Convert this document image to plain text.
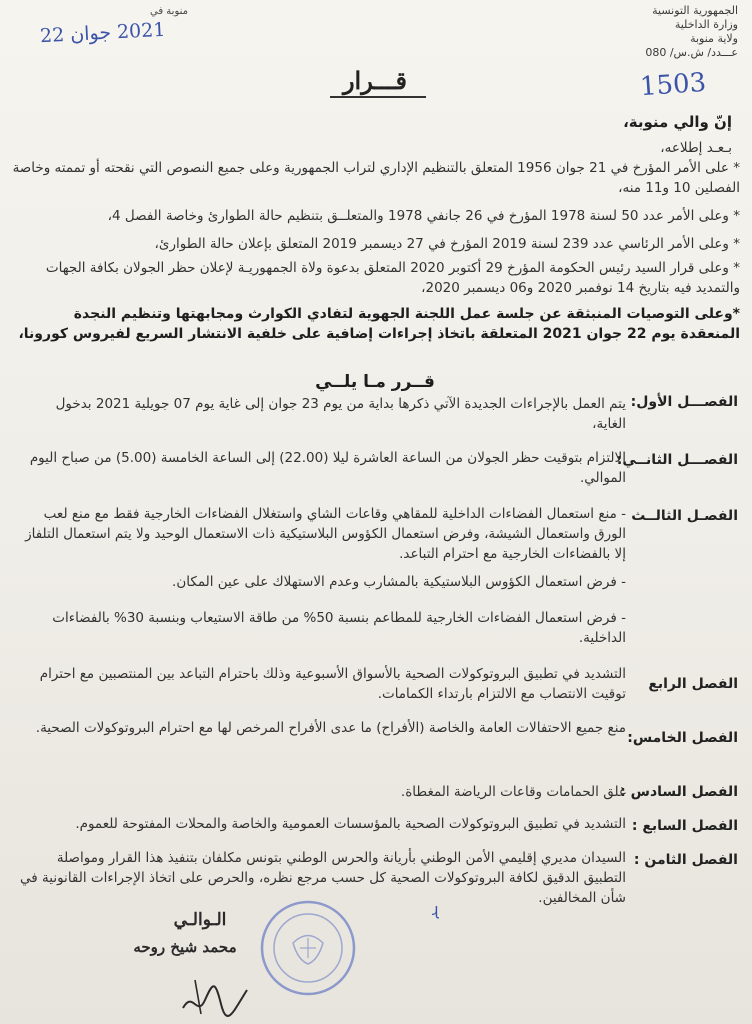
الجمهورية التونسية
وزارة الداخلية
ولاية منوبة
عـــدد/ ش.س/ 080
منوبة في
2021 جوان 22
1503
قـــرار
إنّ والي منوبة،
بـعـد إطلاعه،
* على الأمر المؤرخ في 21 جوان 1956 المتعلق بالتنظيم الإداري لتراب الجمهورية وعلى جميع النصوص التي نقحته أو تممته وخاصة الفصلين 10 و11 منه،
* وعلى الأمر عدد 50 لسنة 1978 المؤرخ في 26 جانفي 1978 والمتعلــق بتنظيم حالة الطوارئ وخاصة الفصل 4،
* وعلى الأمر الرئاسي عدد 239 لسنة 2019 المؤرخ في 27 ديسمبر 2019 المتعلق بإعلان حالة الطوارئ،
* وعلى قرار السيد رئيس الحكومة المؤرخ 29 أكتوبر 2020 المتعلق بدعوة ولاة الجمهوريـة لإعلان حظر الجولان بكافة الجهات والتمديد فيه بتاريخ 14 نوفمبر 2020 و06 ديسمبر 2020،
*وعلى التوصيات المنبثقة عن جلسة عمل اللجنة الجهوية لتفادي الكوارث ومجابهتها وتنظيم النجدة المنعقدة يوم 22 جوان 2021 المتعلقة باتخاذ إجراءات إضافية على خلفية الانتشار السريع لفيروس كورونا،
قــرر مـا يلــي
الفصـــل الأول:
يتم العمل بالإجراءات الجديدة الآتي ذكرها بداية من يوم 23 جوان إلى غاية يوم 07 جويلية 2021 بدخول الغاية،
الفصـــل الثانــي:
الالتزام بتوقيت حظر الجولان من الساعة العاشرة ليلا (22.00) إلى الساعة الخامسة (5.00) من صباح اليوم الموالي.
الفصـل الثالــث
- منع استعمال الفضاءات الداخلية للمقاهي وقاعات الشاي واستغلال الفضاءات الخارجية فقط مع منع لعب الورق واستعمال الشيشة، وفرض استعمال الكؤوس البلاستيكية ذات الاستعمال الوحيد ولا يتم استعمال التلفاز إلا بالفضاءات الخارجية مع احترام التباعد.
- فرض استعمال الكؤوس البلاستيكية بالمشارب وعدم الاستهلاك على عين المكان.
- فرض استعمال الفضاءات الخارجية للمطاعم بنسبة 50% من طاقة الاستيعاب وبنسبة 30% بالفضاءات الداخلية.
الفصل الرابع
التشديد في تطبيق البروتوكولات الصحية بالأسواق الأسبوعية وذلك باحترام التباعد بين المنتصبين مع احترام توقيت الانتصاب مع الالتزام بارتداء الكمامات.
الفصل الخامس:
منع جميع الاحتفالات العامة والخاصة (الأفراح) ما عدى الأفراح المرخص لها مع احترام البروتوكولات الصحية.
الفصل السادس :
غلق الحمامات وقاعات الرياضة المغطاة.
الفصل السابع :
التشديد في تطبيق البروتوكولات الصحية بالمؤسسات العمومية والخاصة والمحلات المفتوحة للعموم.
الفصل الثامن :
السيدان مديري إقليمي الأمن الوطني بأريانة والحرس الوطني بتونس مكلفان بتنفيذ هذا القرار ومواصلة التطبيق الدقيق لكافة البروتوكولات الصحية كل حسب مرجع نظره، والحرص على اتخاذ الإجراءات القانونية في شأن المخالفين.
الـوالـي
محمد شيخ روحه
ɻ
